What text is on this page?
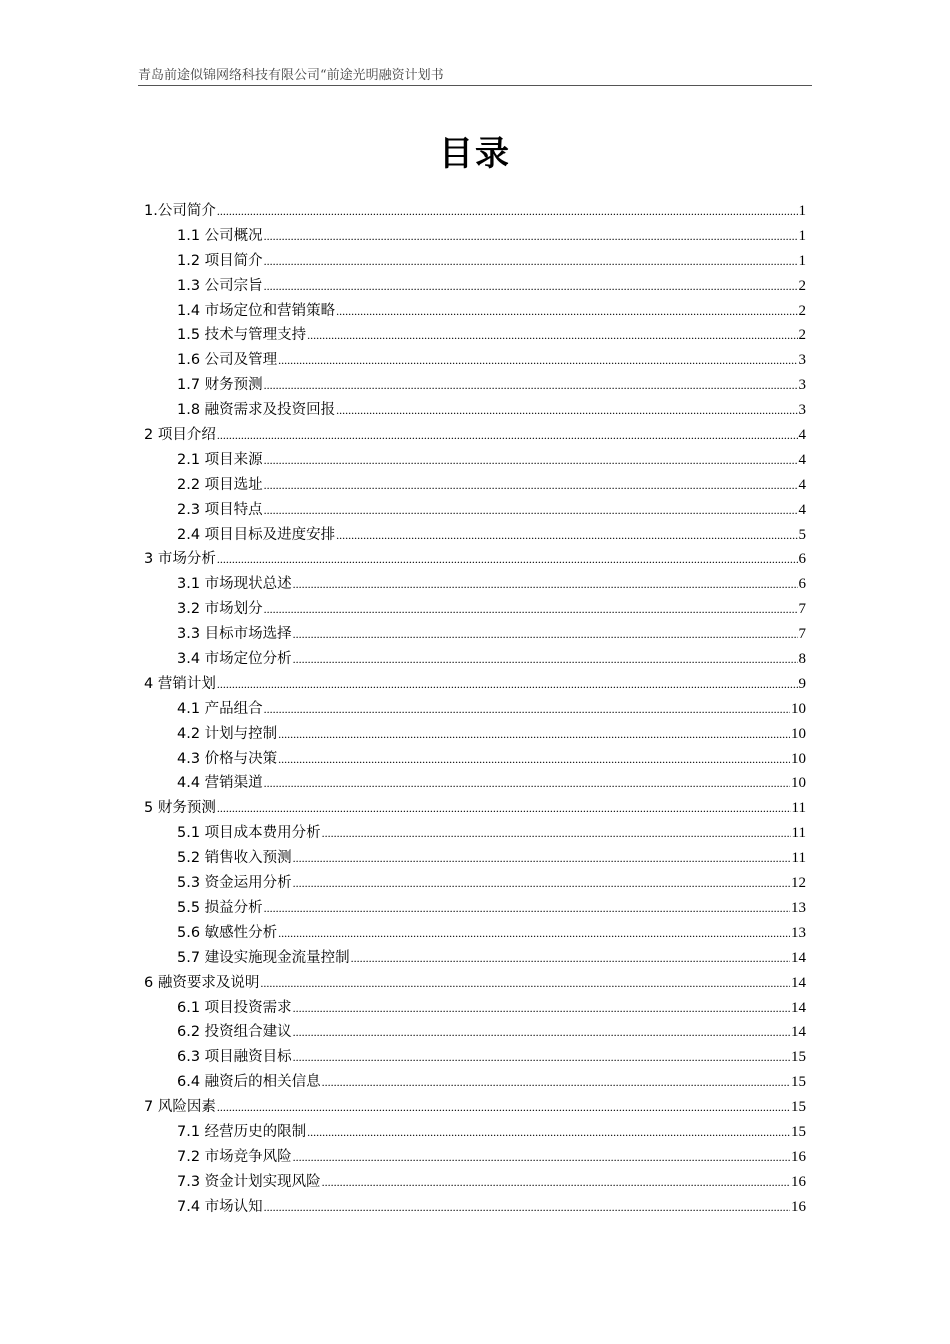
青岛前途似锦网络科技有限公司“前途光明融资计划书
目录
1.公司简介 .....	1
1.1 公司概况 .....	1
1.2 项目简介 .....	1
1.3 公司宗旨 .....	2
1.4 市场定位和营销策略 .....	2
1.5 技术与管理支持 .....	2
1.6 公司及管理 .....	3
1.7 财务预测 .....	3
1.8 融资需求及投资回报 .....	3
2 项目介绍 .....	4
2.1 项目来源 .....	4
2.2 项目选址 .....	4
2.3 项目特点 .....	4
2.4 项目目标及进度安排 .....	5
3 市场分析 .....	6
3.1 市场现状总述 .....	6
3.2 市场划分 .....	7
3.3 目标市场选择 .....	7
3.4 市场定位分析 .....	8
4 营销计划 .....	9
4.1 产品组合 .....	10
4.2 计划与控制 .....	10
4.3 价格与决策 .....	10
4.4 营销渠道 .....	10
5 财务预测 .....	11
5.1 项目成本费用分析 .....	11
5.2 销售收入预测 .....	11
5.3 资金运用分析 .....	12
5.5 损益分析 .....	13
5.6 敏感性分析 .....	13
5.7 建设实施现金流量控制 .....	14
6 融资要求及说明 .....	14
6.1 项目投资需求 .....	14
6.2 投资组合建议 .....	14
6.3 项目融资目标 .....	15
6.4 融资后的相关信息 .....	15
7 风险因素 .....	15
7.1 经营历史的限制 .....	15
7.2 市场竞争风险 .....	16
7.3 资金计划实现风险 .....	16
7.4 市场认知 .....	16
